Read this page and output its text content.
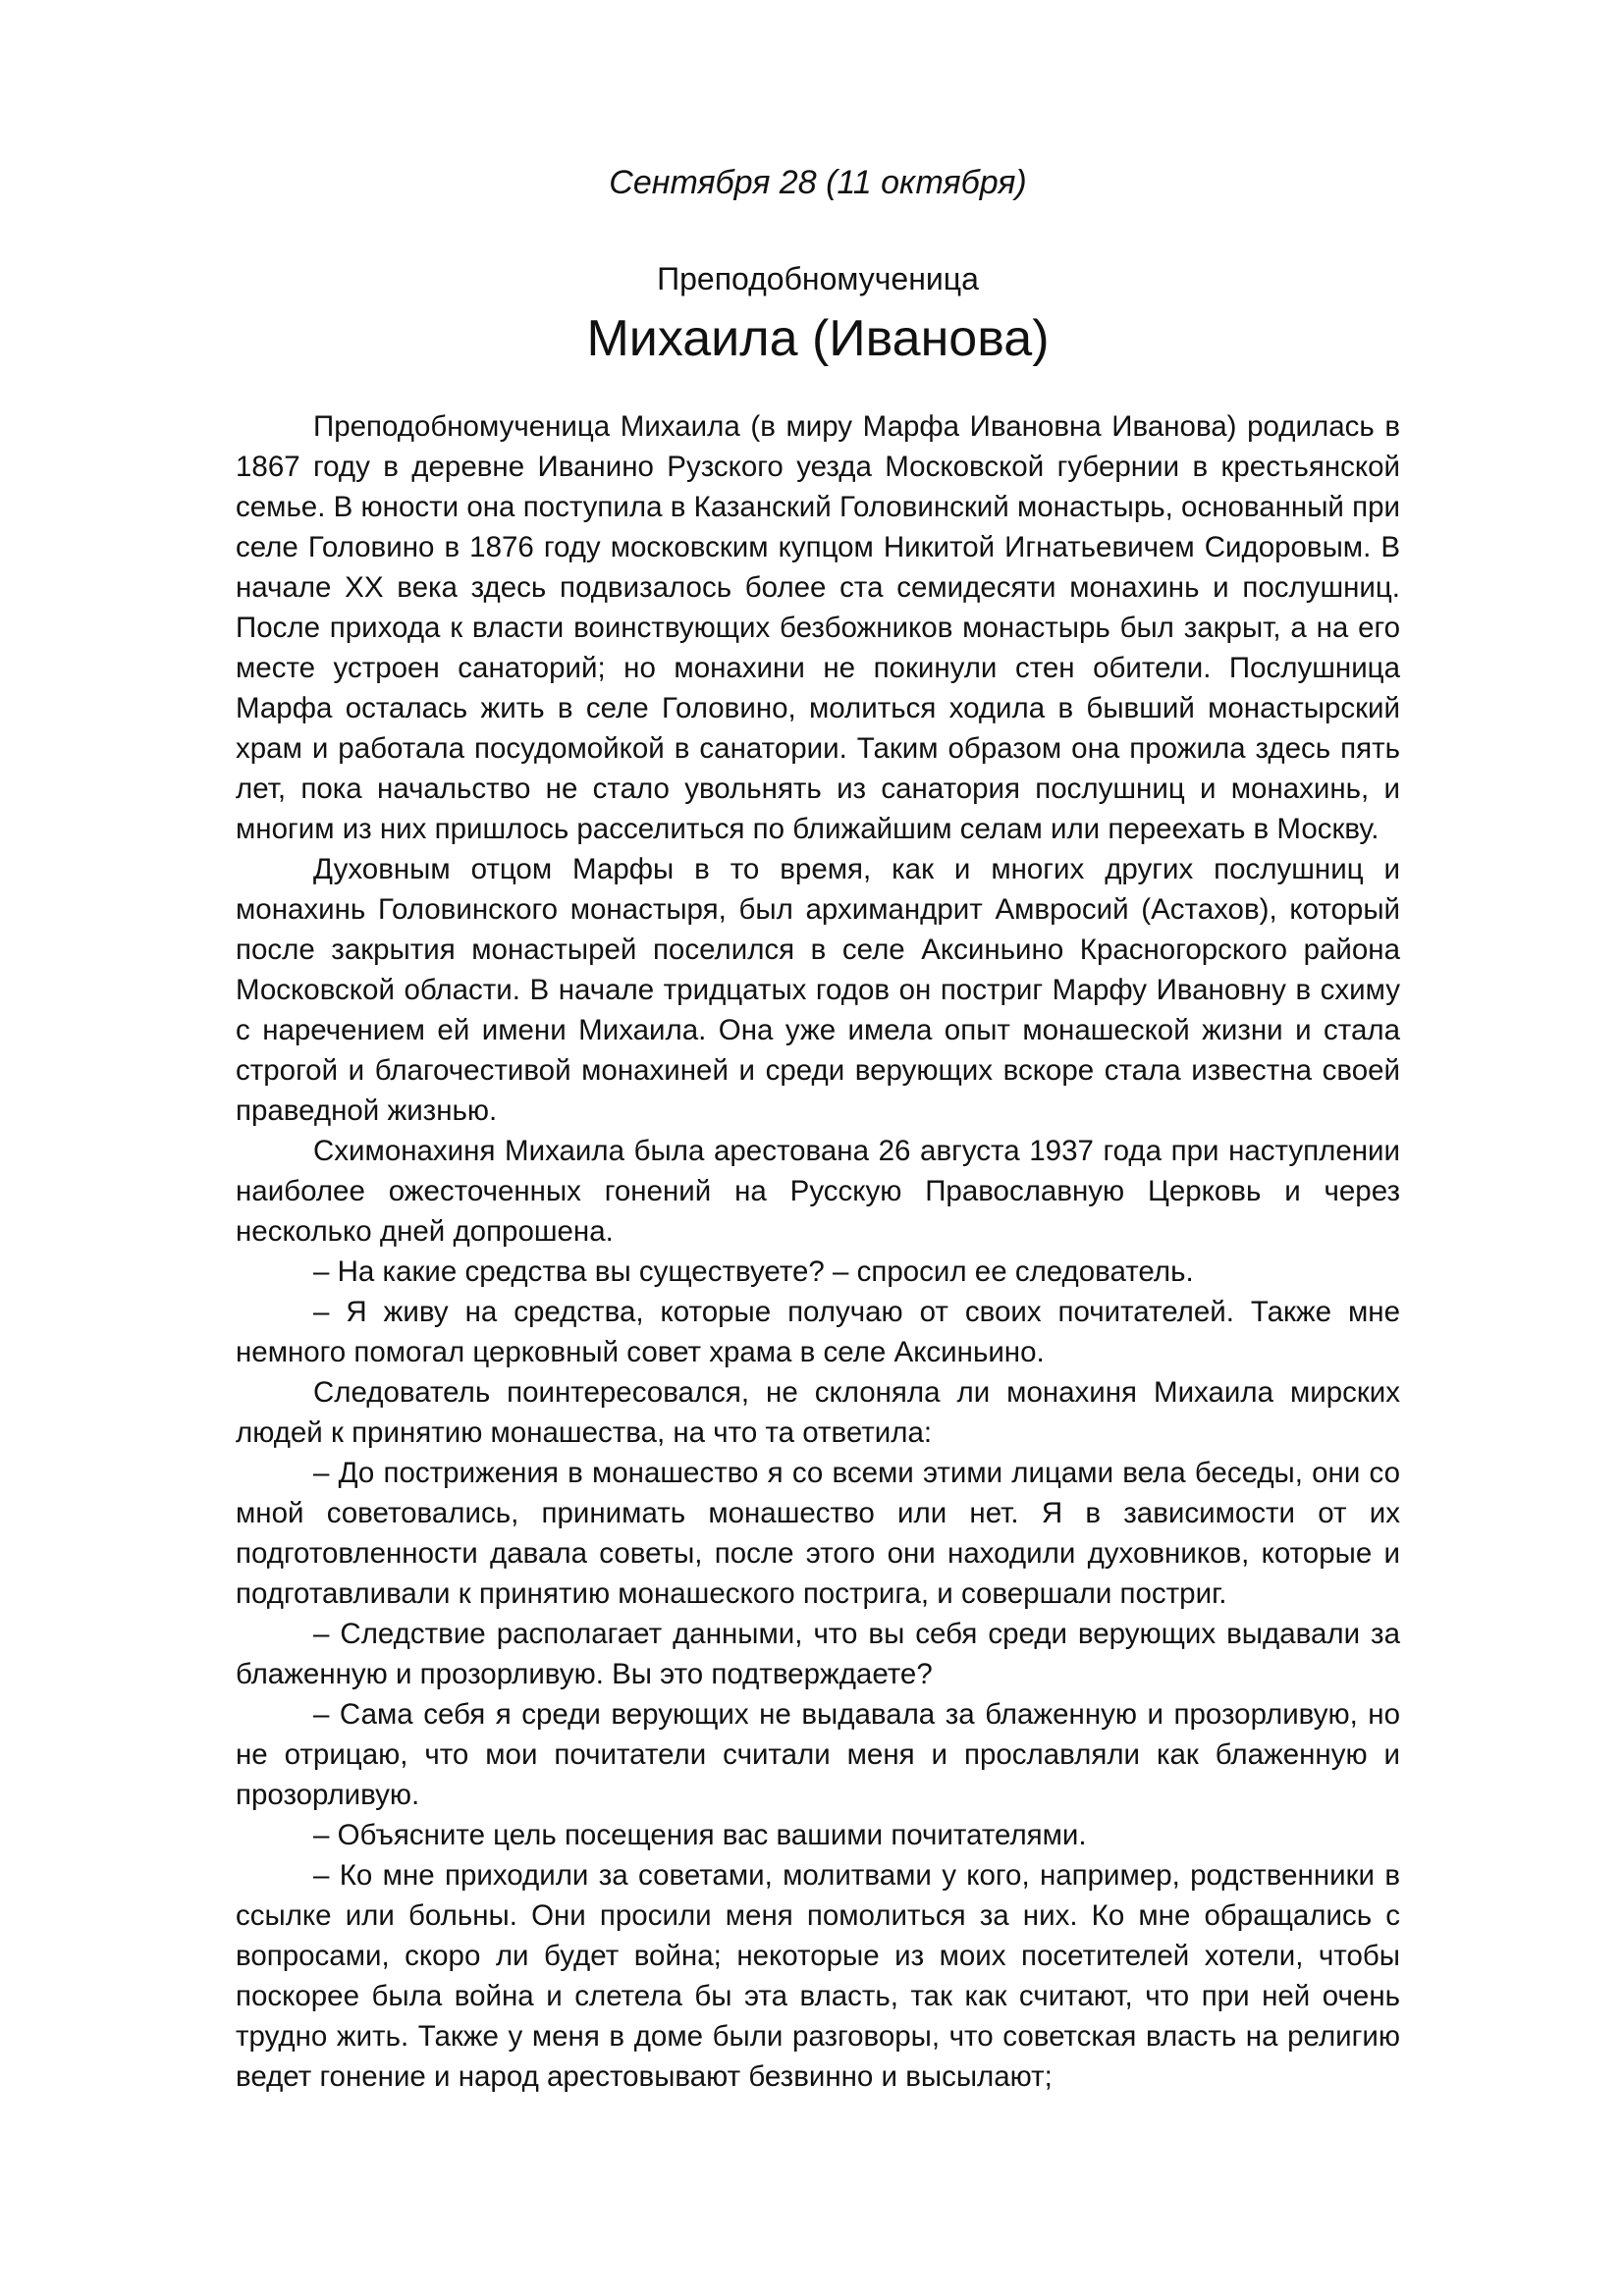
Сентября 28 (11 октября)
Преподобномученица
Михаила (Иванова)

Преподобномученица Михаила (в миру Марфа Ивановна Иванова) родилась в 1867 году в деревне Иванино Рузского уезда Московской губернии в крестьянской семье. В юности она поступила в Казанский Головинский монастырь, основанный при селе Головино в 1876 году московским купцом Никитой Игнатьевичем Сидоровым. В начале XX века здесь подвизалось более ста семидесяти монахинь и послушниц. После прихода к власти воинствующих безбожников монастырь был закрыт, а на его месте устроен санаторий; но монахини не покинули стен обители. Послушница Марфа осталась жить в селе Головино, молиться ходила в бывший монастырский храм и работала посудомойкой в санатории. Таким образом она прожила здесь пять лет, пока начальство не стало увольнять из санатория послушниц и монахинь, и многим из них пришлось расселиться по ближайшим селам или переехать в Москву.

Духовным отцом Марфы в то время, как и многих других послушниц и монахинь Головинского монастыря, был архимандрит Амвросий (Астахов), который после закрытия монастырей поселился в селе Аксиньино Красногорского района Московской области. В начале тридцатых годов он постриг Марфу Ивановну в схиму с наречением ей имени Михаила. Она уже имела опыт монашеской жизни и стала строгой и благочестивой монахиней и среди верующих вскоре стала известна своей праведной жизнью.

Схимонахиня Михаила была арестована 26 августа 1937 года при наступлении наиболее ожесточенных гонений на Русскую Православную Церковь и через несколько дней допрошена.

– На какие средства вы существуете? – спросил ее следователь.

– Я живу на средства, которые получаю от своих почитателей. Также мне немного помогал церковный совет храма в селе Аксиньино.

Следователь поинтересовался, не склоняла ли монахиня Михаила мирских людей к принятию монашества, на что та ответила:

– До пострижения в монашество я со всеми этими лицами вела беседы, они со мной советовались, принимать монашество или нет. Я в зависимости от их подготовленности давала советы, после этого они находили духовников, которые и подготавливали к принятию монашеского пострига, и совершали постриг.

– Следствие располагает данными, что вы себя среди верующих выдавали за блаженную и прозорливую. Вы это подтверждаете?

– Сама себя я среди верующих не выдавала за блаженную и прозорливую, но не отрицаю, что мои почитатели считали меня и прославляли как блаженную и прозорливую.

– Объясните цель посещения вас вашими почитателями.

– Ко мне приходили за советами, молитвами у кого, например, родственники в ссылке или больны. Они просили меня помолиться за них. Ко мне обращались с вопросами, скоро ли будет война; некоторые из моих посетителей хотели, чтобы поскорее была война и слетела бы эта власть, так как считают, что при ней очень трудно жить. Также у меня в доме были разговоры, что советская власть на религию ведет гонение и народ арестовывают безвинно и высылают;
